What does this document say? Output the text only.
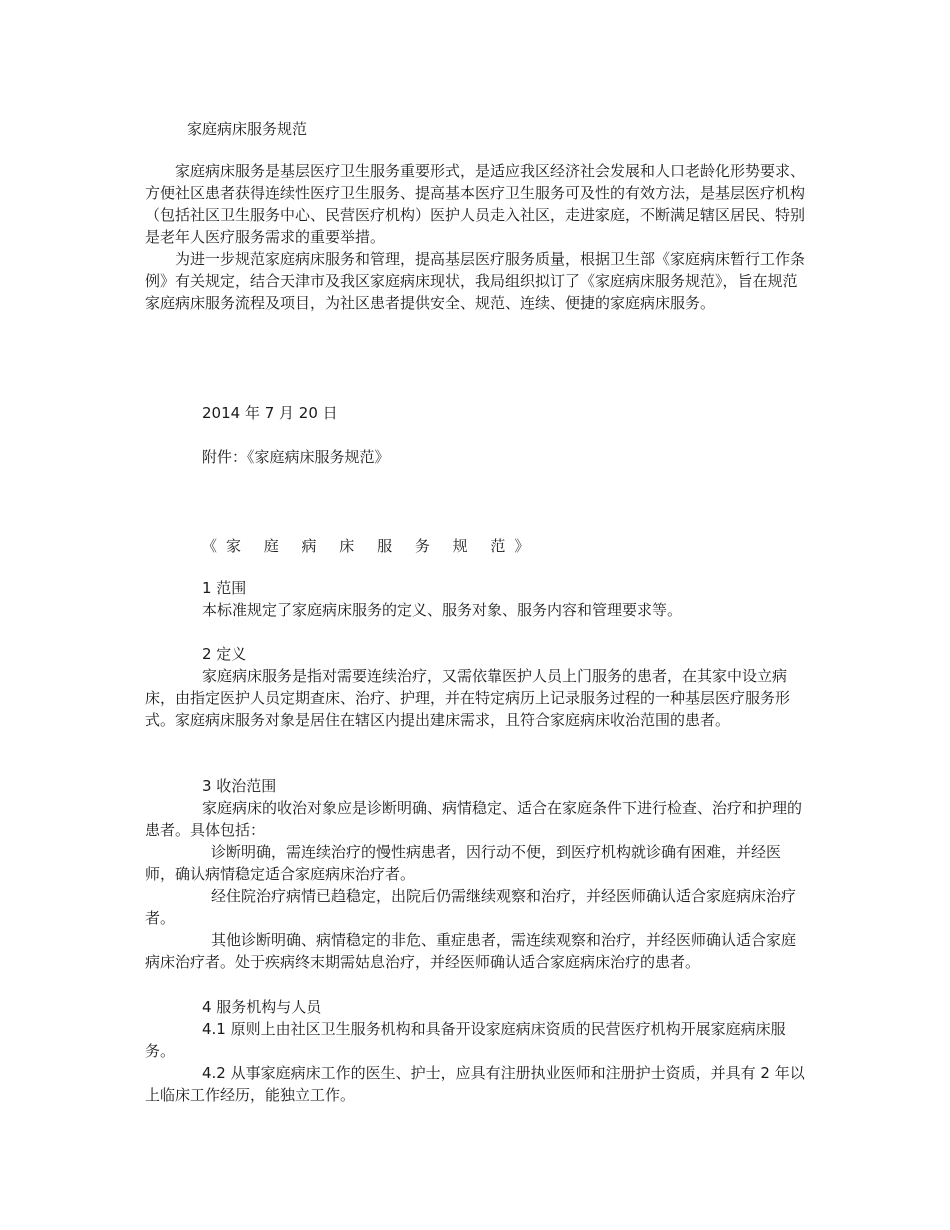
家庭病床服务规范

家庭病床服务是基层医疗卫生服务重要形式，是适应我区经济社会发展和人口老龄化形势要求、方便社区患者获得连续性医疗卫生服务、提高基本医疗卫生服务可及性的有效方法，是基层医疗机构（包括社区卫生服务中心、民营医疗机构）医护人员走入社区，走进家庭，不断满足辖区居民、特别是老年人医疗服务需求的重要举措。

为进一步规范家庭病床服务和管理，提高基层医疗服务质量，根据卫生部《家庭病床暂行工作条例》有关规定，结合天津市及我区家庭病床现状，我局组织拟订了《家庭病床服务规范》，旨在规范家庭病床服务流程及项目，为社区患者提供安全、规范、连续、便捷的家庭病床服务。

2014 年 7 月 20 日
附件：《家庭病床服务规范》
《家 庭 病 床 服 务 规 范》
1 范围

本标准规定了家庭病床服务的定义、服务对象、服务内容和管理要求等。

2 定义

家庭病床服务是指对需要连续治疗，又需依靠医护人员上门服务的患者，在其家中设立病床，由指定医护人员定期查床、治疗、护理，并在特定病历上记录服务过程的一种基层医疗服务形式。家庭病床服务对象是居住在辖区内提出建床需求，且符合家庭病床收治范围的患者。

3 收治范围

家庭病床的收治对象应是诊断明确、病情稳定、适合在家庭条件下进行检查、治疗和护理的患者。具体包括：

诊断明确，需连续治疗的慢性病患者，因行动不便，到医疗机构就诊确有困难，并经医师，确认病情稳定适合家庭病床治疗者。

经住院治疗病情已趋稳定，出院后仍需继续观察和治疗，并经医师确认适合家庭病床治疗者。

其他诊断明确、病情稳定的非危、重症患者，需连续观察和治疗，并经医师确认适合家庭病床治疗者。处于疾病终末期需姑息治疗，并经医师确认适合家庭病床治疗的患者。

4 服务机构与人员

4.1 原则上由社区卫生服务机构和具备开设家庭病床资质的民营医疗机构开展家庭病床服务。

4.2 从事家庭病床工作的医生、护士，应具有注册执业医师和注册护士资质，并具有 2 年以上临床工作经历，能独立工作。
